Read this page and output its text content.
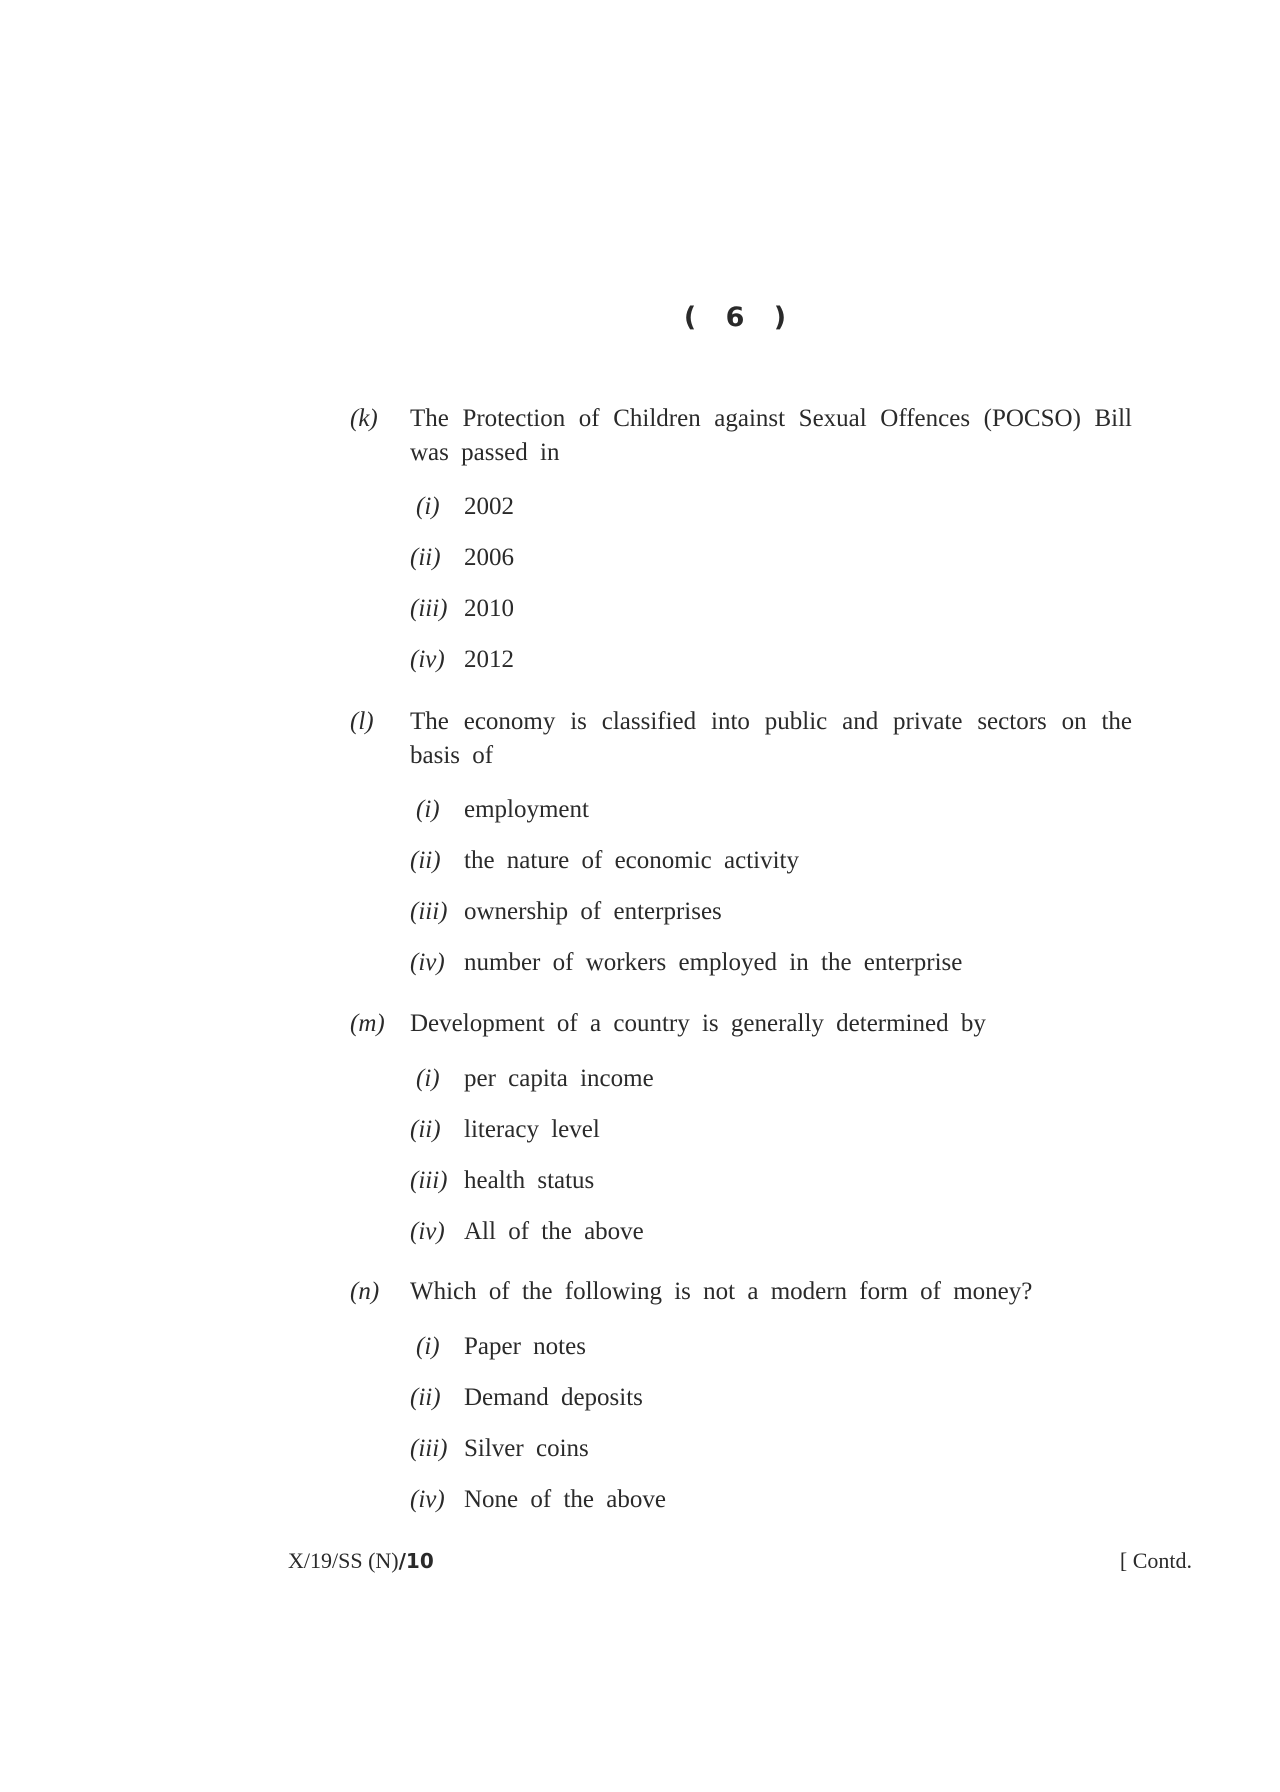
( 6 )
(k) The Protection of Children against Sexual Offences (POCSO) Bill was passed in
(i) 2002
(ii) 2006
(iii) 2010
(iv) 2012
(l) The economy is classified into public and private sectors on the basis of
(i) employment
(ii) the nature of economic activity
(iii) ownership of enterprises
(iv) number of workers employed in the enterprise
(m) Development of a country is generally determined by
(i) per capita income
(ii) literacy level
(iii) health status
(iv) All of the above
(n) Which of the following is not a modern form of money?
(i) Paper notes
(ii) Demand deposits
(iii) Silver coins
(iv) None of the above
X/19/SS (N)/10	[ Contd.
